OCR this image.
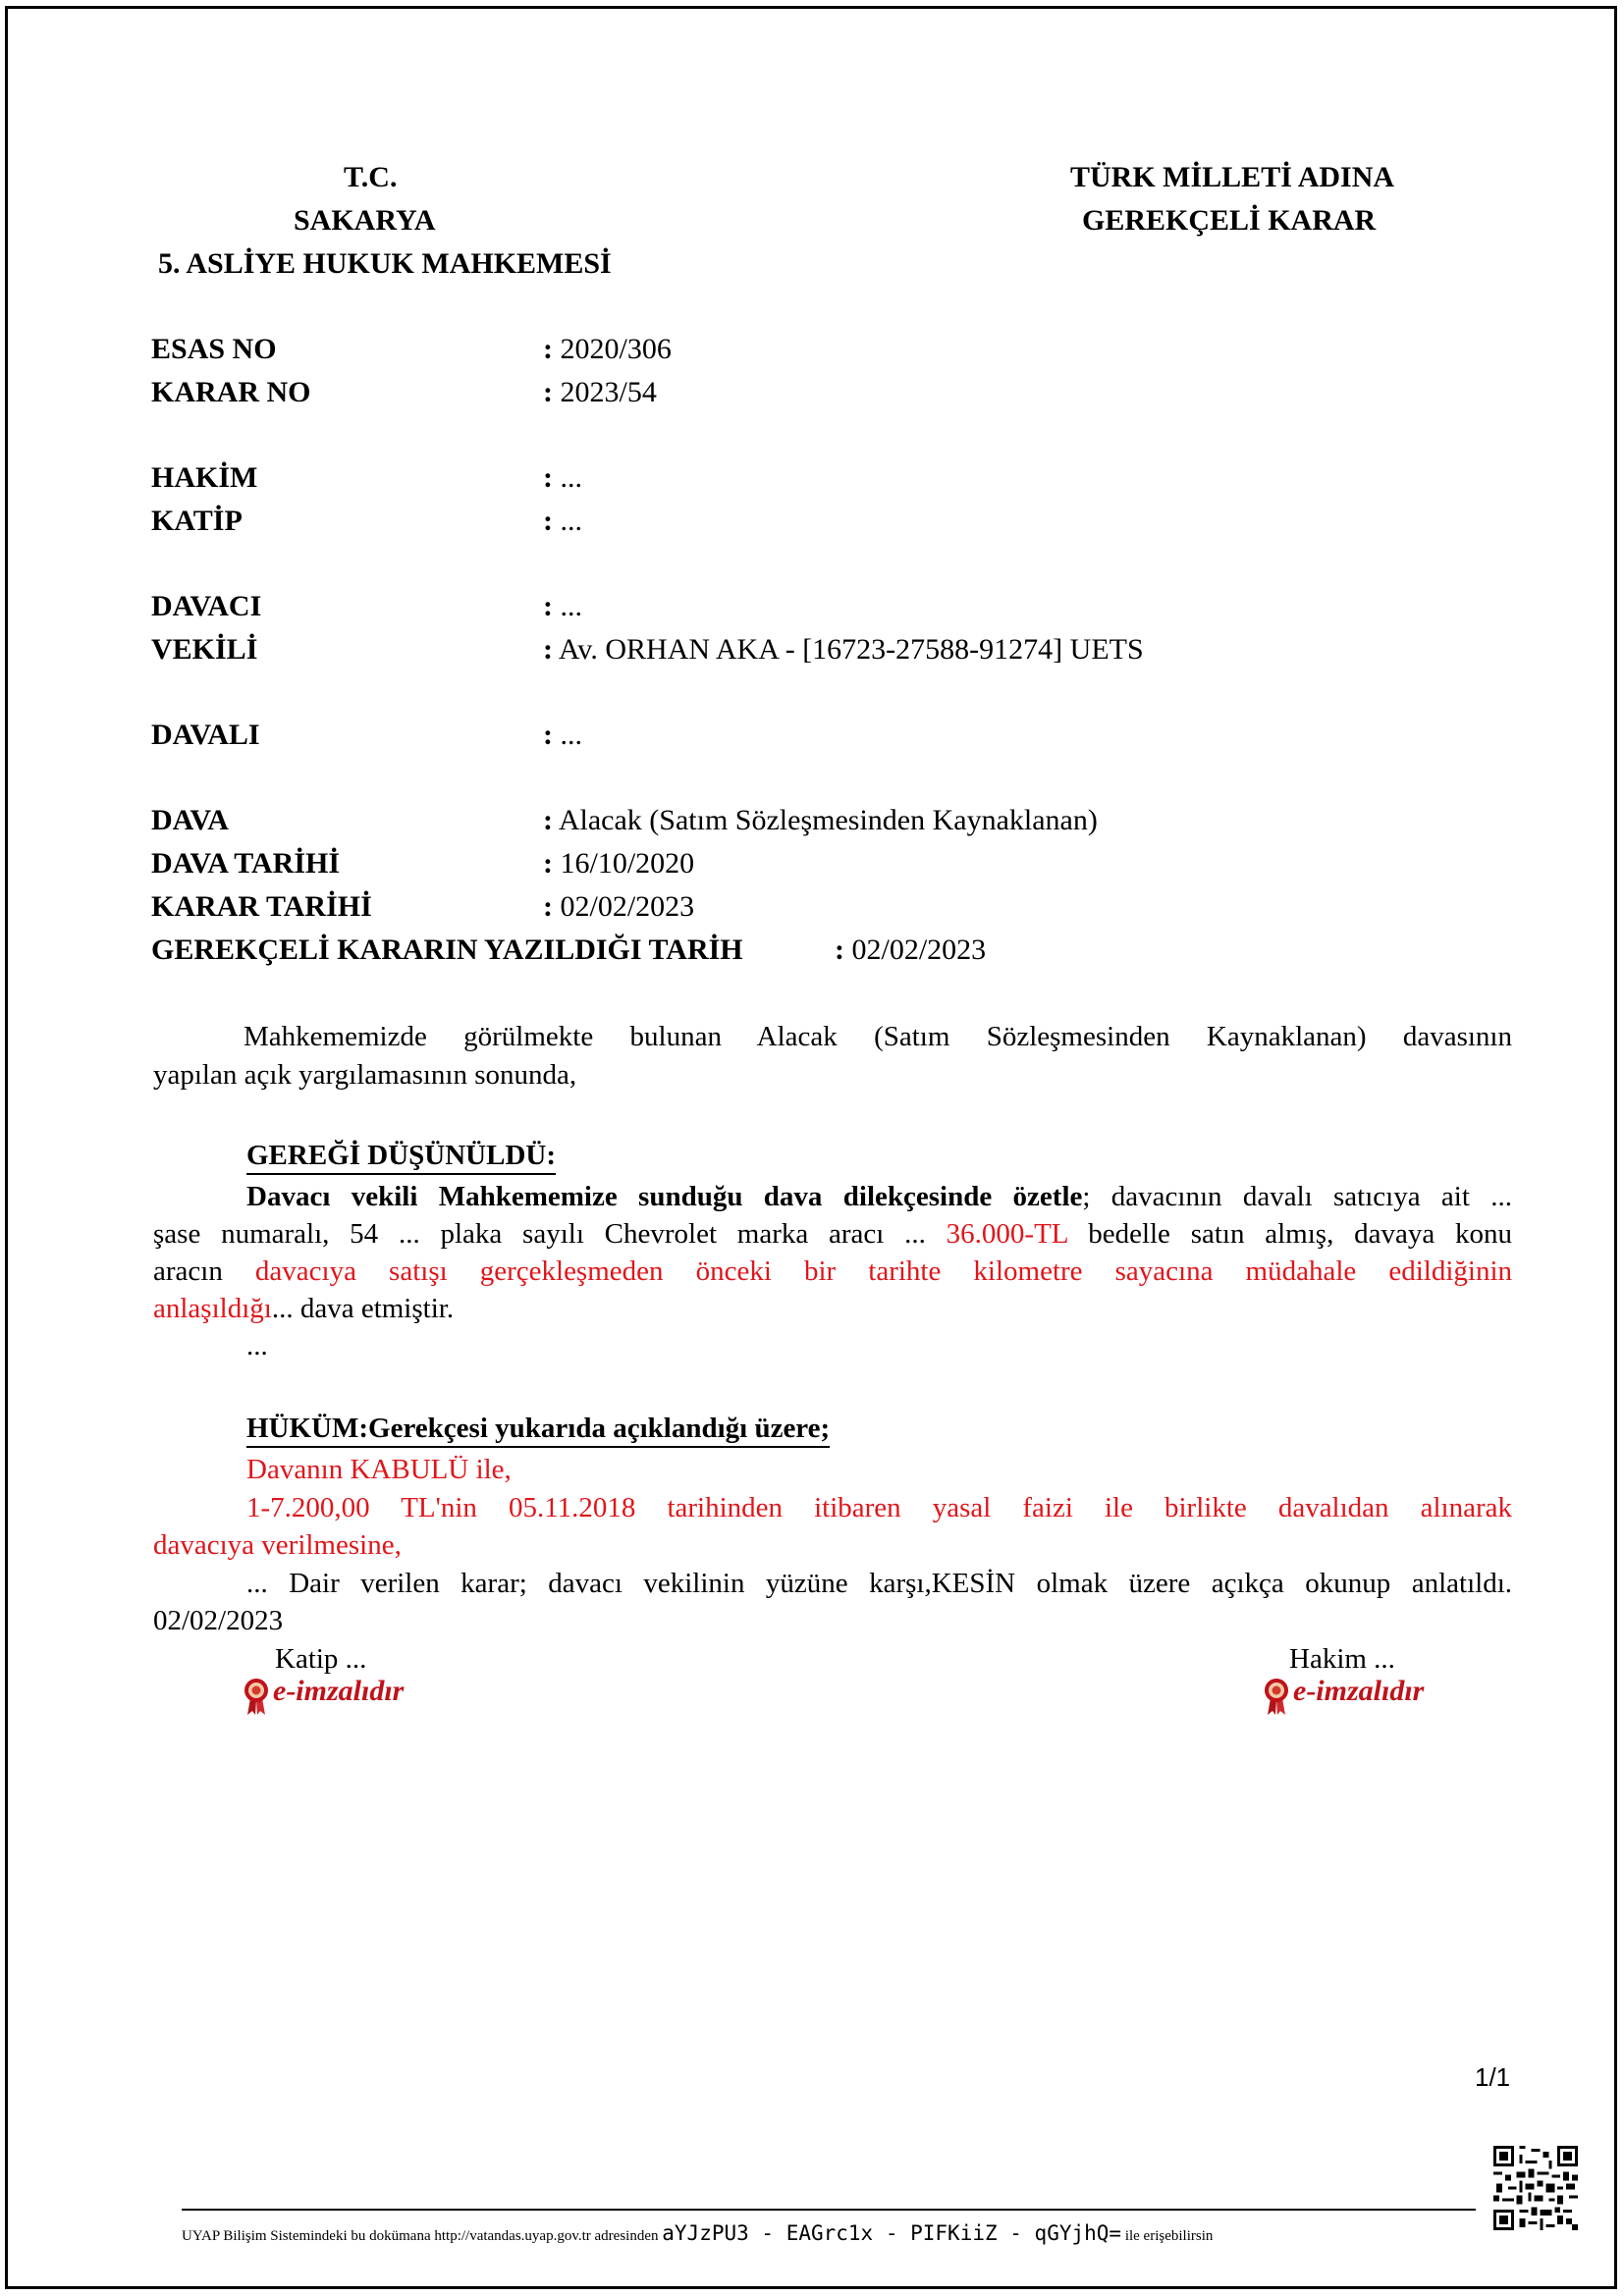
T.C.
SAKARYA
5. ASLİYE HUKUK MAHKEMESİ
TÜRK MİLLETİ ADINA
GEREKÇELİ KARAR
ESAS NO	: 2020/306
KARAR NO	: 2023/54
HAKİM	: ...
KATİP	: ...
DAVACI	: ...
VEKİLİ	: Av. ORHAN AKA - [16723-27588-91274] UETS
DAVALI	: ...
DAVA	: Alacak (Satım Sözleşmesinden Kaynaklanan)
DAVA TARİHİ	: 16/10/2020
KARAR TARİHİ	: 02/02/2023
GEREKÇELİ KARARIN YAZILDIĞI TARİH	: 02/02/2023
Mahkememizde görülmekte bulunan Alacak (Satım Sözleşmesinden Kaynaklanan) davasının
yapılan açık yargılamasının sonunda,
GEREĞİ DÜŞÜNÜLDÜ:
Davacı vekili Mahkememize sunduğu dava dilekçesinde özetle; davacının davalı satıcıya ait ...
şase numaralı, 54 ... plaka sayılı Chevrolet marka aracı ... 36.000-TL bedelle satın almış, davaya konu
aracın davacıya satışı gerçekleşmeden önceki bir tarihte kilometre sayacına müdahale edildiğinin
anlaşıldığı... dava etmiştir.
...
HÜKÜM:Gerekçesi yukarıda açıklandığı üzere;
Davanın KABULÜ ile,
1-7.200,00 TL'nin 05.11.2018 tarihinden itibaren yasal faizi ile birlikte davalıdan alınarak
davacıya verilmesine,
... Dair verilen karar; davacı vekilinin yüzüne karşı,KESİN olmak üzere açıkça okunup anlatıldı.
02/02/2023
Katip ...	Hakim ...
e-imzalıdır	e-imzalıdır
1/1
UYAP Bilişim Sistemindeki bu dokümana http://vatandas.uyap.gov.tr adresinden aYJzPU3 - EAGrc1x - PIFKiiZ - qGYjhQ= ile erişebilirsin
